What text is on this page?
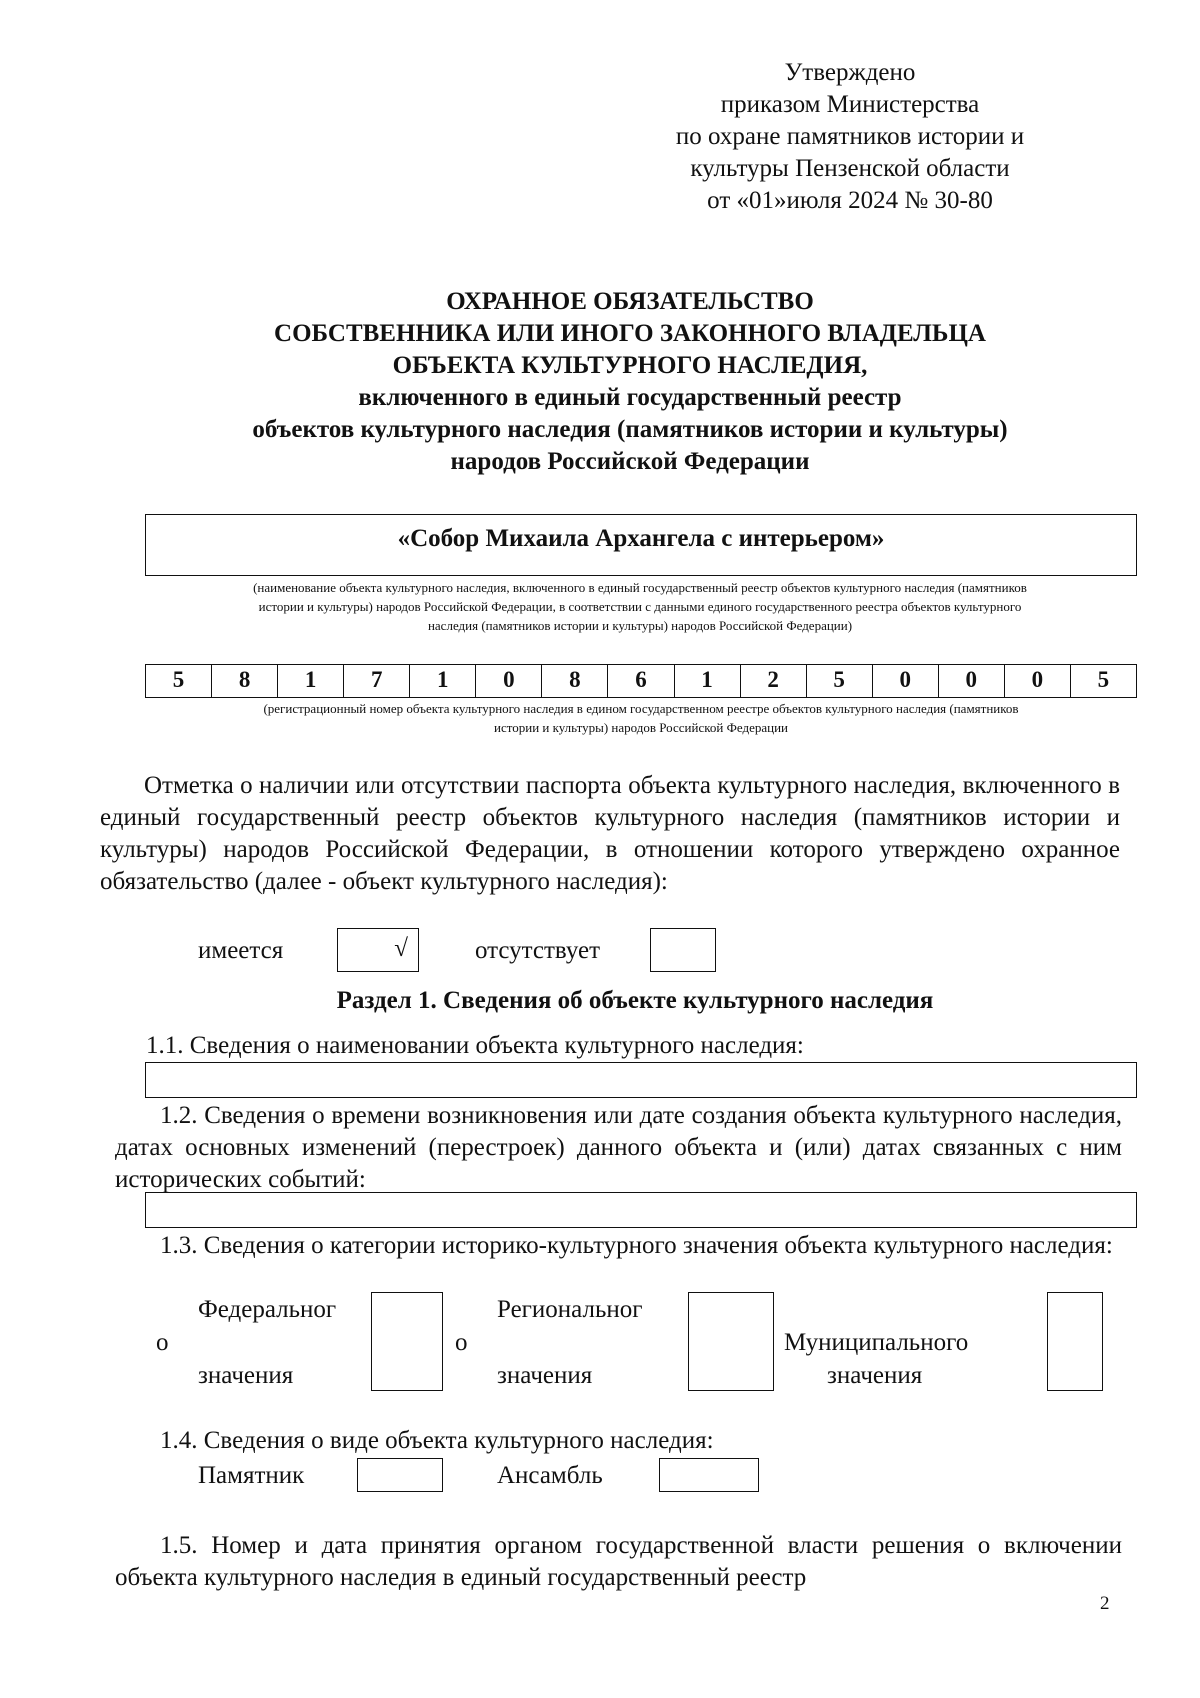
Утверждено
приказом Министерства
по охране памятников истории и
культуры Пензенской области
от «01»июля 2024 № 30-80
ОХРАННОЕ ОБЯЗАТЕЛЬСТВО
СОБСТВЕННИКА ИЛИ ИНОГО ЗАКОННОГО ВЛАДЕЛЬЦА
ОБЪЕКТА КУЛЬТУРНОГО НАСЛЕДИЯ,
включенного в единый государственный реестр
объектов культурного наследия (памятников истории и культуры)
народов Российской Федерации
«Собор Михаила Архангела с интерьером»
(наименование объекта культурного наследия, включенного в единый государственный реестр объектов культурного наследия (памятников
истории и культуры) народов Российской Федерации, в соответствии с данными единого государственного реестра объектов культурного
наследия (памятников истории и культуры) народов Российской Федерации)
5	8	1	7	1	0	8	6	1	2	5	0	0	0	5
(регистрационный номер объекта культурного наследия в едином государственном реестре объектов культурного наследия (памятников
истории и культуры) народов Российской Федерации
Отметка о наличии или отсутствии паспорта объекта культурного наследия, включенного в единый государственный реестр объектов культурного наследия (памятников истории и культуры) народов Российской Федерации, в отношении которого утверждено охранное обязательство (далее - объект культурного наследия):
имеется	√	отсутствует
Раздел 1. Сведения об объекте культурного наследия
1.1. Сведения о наименовании объекта культурного наследия:
1.2. Сведения о времени возникновения или дате создания объекта культурного наследия, датах основных изменений (перестроек) данного объекта и (или) датах связанных с ним исторических событий:
1.3. Сведения о категории историко-культурного значения объекта культурного наследия:
Федеральног
о
значения
Региональног
о
значения
Муниципального
значения
1.4. Сведения о виде объекта культурного наследия:
Памятник	Ансамбль
1.5. Номер и дата принятия органом государственной власти решения о включении объекта культурного наследия в единый государственный реестр
2
